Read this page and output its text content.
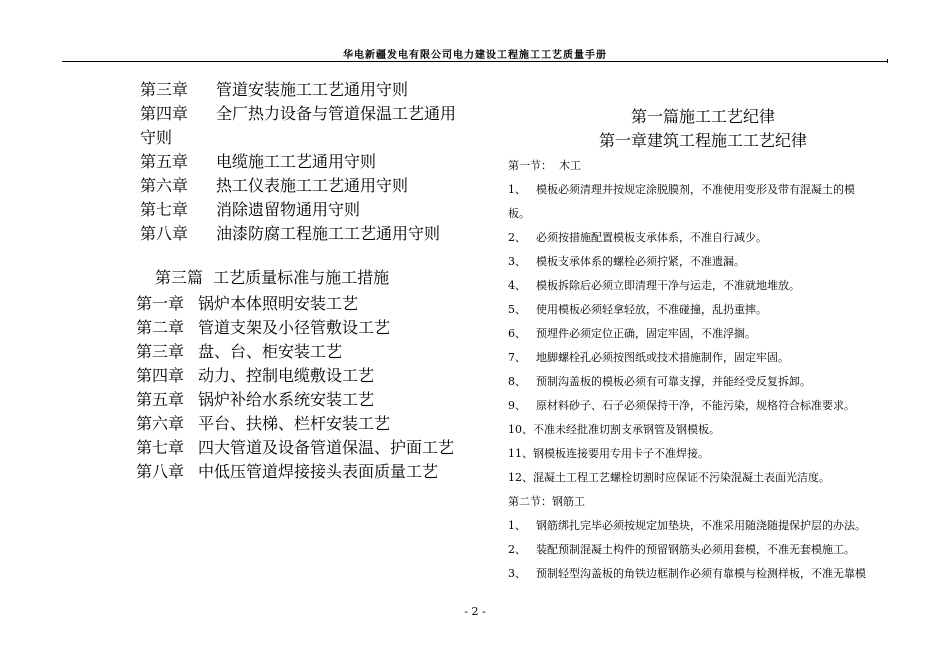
华电新疆发电有限公司电力建设工程施工工艺质量手册
第三章 管道安装施工工艺通用守则
第四章 全厂热力设备与管道保温工艺通用
守则
第五章 电缆施工工艺通用守则
第六章 热工仪表施工工艺通用守则
第七章 消除遗留物通用守则
第八章 油漆防腐工程施工工艺通用守则
第三篇  工艺质量标准与施工措施
第一章 锅炉本体照明安装工艺
第二章 管道支架及小径管敷设工艺
第三章 盘、台、柜安装工艺
第四章 动力、控制电缆敷设工艺
第五章 锅炉补给水系统安装工艺
第六章 平台、扶梯、栏杆安装工艺
第七章 四大管道及设备管道保温、护面工艺
第八章 中低压管道焊接接头表面质量工艺
第一篇施工工艺纪律
第一章建筑工程施工工艺纪律
第一节：  木工
1、 模板必须清理并按规定涂脱膜剂，不准使用变形及带有混凝土的模
板。
2、 必须按措施配置模板支承体系，不准自行减少。
3、 模板支承体系的螺栓必须拧紧，不准遗漏。
4、 模板拆除后必须立即清理干净与运走，不准就地堆放。
5、 使用模板必须轻拿轻放，不准碰撞，乱扔重摔。
6、 预埋件必须定位正确，固定牢固，不准浮搁。
7、 地脚螺栓孔必须按图纸或技术措施制作，固定牢固。
8、 预制沟盖板的模板必须有可靠支撑，并能经受反复拆卸。
9、 原材料砂子、石子必须保持干净，不能污染，规格符合标准要求。
10、不准未经批准切割支承钢管及钢模板。
11、钢模板连接要用专用卡子不准焊接。
12、混凝土工程工艺螺栓切割时应保证不污染混凝土表面光洁度。
第二节：钢筋工
1、 钢筋绑扎完毕必须按规定加垫块，不准采用随浇随提保护层的办法。
2、 装配预制混凝土构件的预留钢筋头必须用套模，不准无套模施工。
3、 预制轻型沟盖板的角铁边框制作必须有靠模与检测样板，不准无靠模
- 2 -
